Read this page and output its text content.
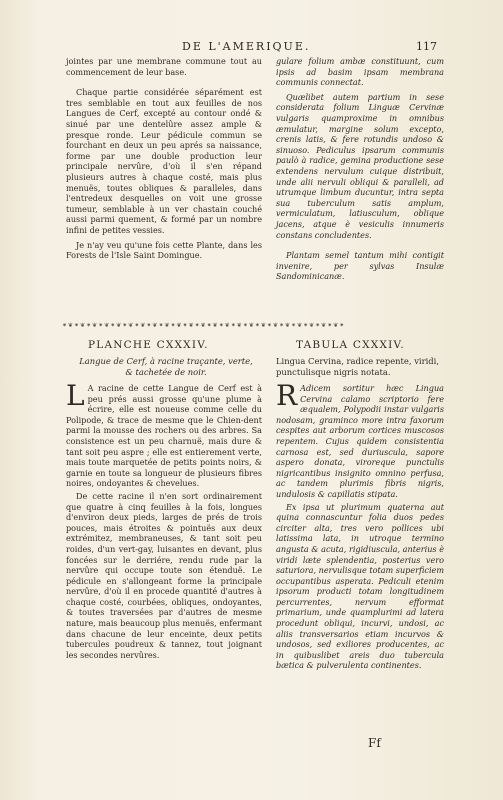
DE L'AMERIQUE.	117

jointes par une membrane commune tout au commencement de leur base.

Chaque partie considérée séparément est tres semblable en tout aux feuilles de nos Langues de Cerf, excepté au contour ondé & sinué par une dentelûre assez ample & presque ronde. Leur pédicule commun se fourchant en deux un peu aprés sa naissance, forme par une double production leur principale nervûre, d'où il s'en répand plusieurs autres à chaque costé, mais plus menuës, toutes obliques & paralleles, dans l'entredeux desquelles on voit une grosse tumeur, semblable à un ver chastain couché aussi parmi quement, & formé par un nombre infini de petites vessies.

Je n'ay veu qu'une fois cette Plante, dans les Forests de l'Isle Saint Domingue.

gulare folium ambæ constituunt, cum ipsis ad basim ipsam membrana communis connectat.

Quælibet autem partium in sese considerata folium Linguæ Cervinæ vulgaris quamproxime in omnibus æmulatur, margine solum excepto, crenis latis, & fere rotundis undoso & sinuoso. Pediculus ipsarum communis paulò à radice, gemina productione sese extendens nervulum cuique distribuit, unde alii nervuli obliqui & paralleli, ad utrumque limbum ducuntur, intra septa sua tuberculum satis amplum, vermiculatum, latiusculum, oblique jacens, atque è vesiculis innumeris constans concludentes.

Plantam semel tantum mihi contigit invenire, per sylvas Insulæ Sandominicanæ.

⁕❦⁕❦⁕❦⁕❦⁕❦⁕❦⁕❦⁕❦⁕❦⁕❦⁕❦⁕❦⁕❦⁕❦⁕❦⁕❦⁕❦⁕❦⁕❦⁕❦⁕❦⁕❦⁕❦⁕
PLANCHE CXXXIV.
Langue de Cerf, à racine traçante, verte, & tachetée de noir.
TABULA CXXXIV.
Lingua Cervina, radice repente, viridi, punctulisque nigris notata.

L A racine de cette Langue de Cerf est à peu prés aussi grosse qu'une plume à écrire, elle est noueuse comme celle du Polipode, & trace de mesme que le Chien-dent parmi la mousse des rochers ou des arbres. Sa consistence est un peu charnuë, mais dure & tant soit peu aspre ; elle est entierement verte, mais toute marquetée de petits points noirs, & garnie en toute sa longueur de plusieurs fibres noires, ondoyantes & chevelues.

De cette racine il n'en sort ordinairement que quatre à cinq feuilles à la fois, longues d'environ deux pieds, larges de prés de trois pouces, mais étroites & pointuës aux deux extrémitez, membraneuses, & tant soit peu roides, d'un vert-gay, luisantes en devant, plus foncées sur le derriére, rendu rude par la nervûre qui occupe toute son étenduë. Le pédicule en s'allongeant forme la principale nervûre, d'où il en procede quantité d'autres à chaque costé, courbées, obliques, ondoyantes, & toutes traversées par d'autres de mesme nature, mais beaucoup plus menuës, enfermant dans chacune de leur enceinte, deux petits tubercules poudreux & tannez, tout joignant les secondes nervûres.

R Adicem sortitur hæc Lingua Cervina calamo scriptorio fere æqualem, Polypodii instar vulgaris nodosam, graminco more intra faxorum cespites aut arborum cortices muscosos repentem. Cujus quidem consistentia carnosa est, sed duriuscula, sapore aspero donata, viroreque punctulis nigricantibus insignito omnino perfusa, ac tandem plurimis fibris nigris, undulosis & capillatis stipata.

Ex ipsa ut plurimum quaterna aut quina connascuntur folia duos pedes circiter alta, tres vero pollices ubi latissima lata, in utroque termino angusta & acuta, rigidiuscula, anterius è viridi læte splendentia, posterius vero saturiora, nervulisque totam superficiem occupantibus asperata. Pediculi etenim ipsorum producti totam longitudinem percurrentes, nervum efformat primarium, unde quamplurimi ad latera procedunt obliqui, incurvi, undosi, ac aliis transversarios etiam incurvos & undosos, sed exiliores producentes, ac in quibuslibet areis duo tubercula bætica & pulverulenta continentes.

Ff
